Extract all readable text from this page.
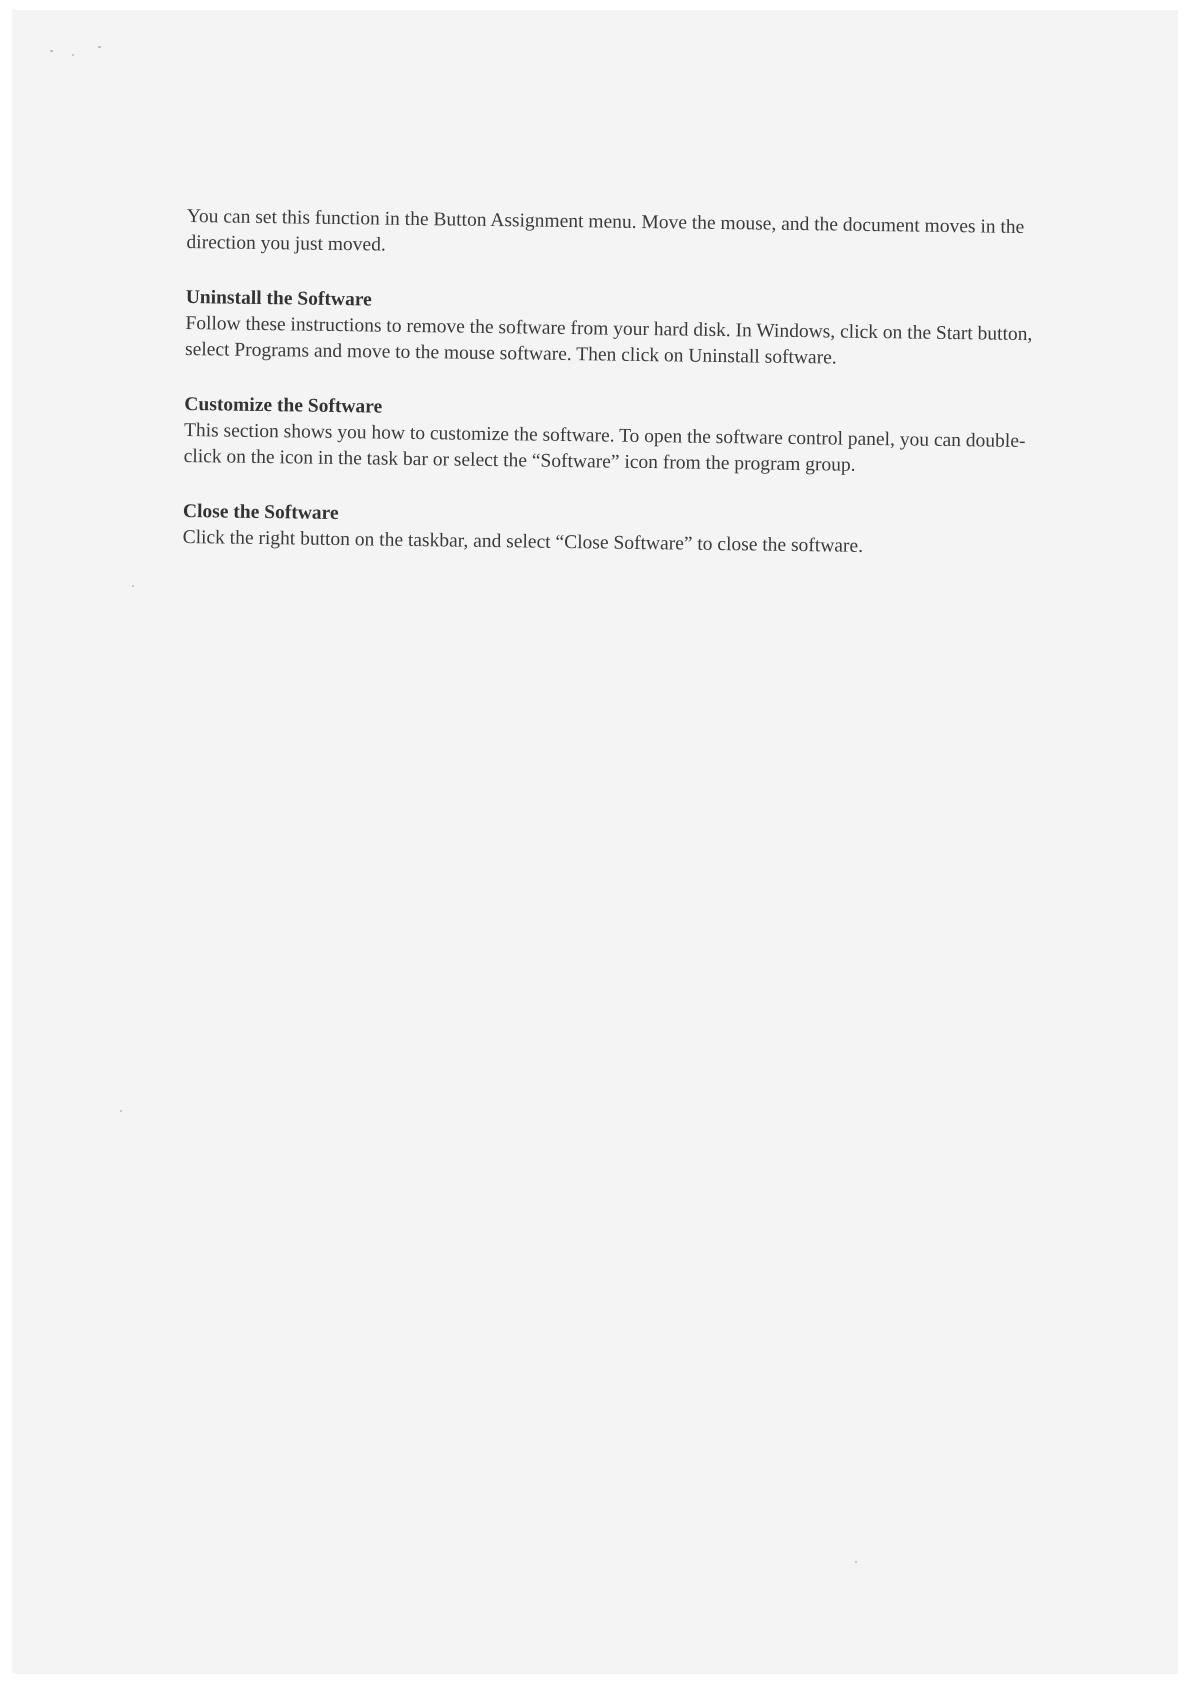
You can set this function in the Button Assignment menu. Move the mouse, and the document moves in the direction you just moved.

Uninstall the Software

Follow these instructions to remove the software from your hard disk. In Windows, click on the Start button, select Programs and move to the mouse software. Then click on Uninstall software.

Customize the Software

This section shows you how to customize the software. To open the software control panel, you can double-click on the icon in the task bar or select the “Software” icon from the program group.

Close the Software

Click the right button on the taskbar, and select “Close Software” to close the software.
